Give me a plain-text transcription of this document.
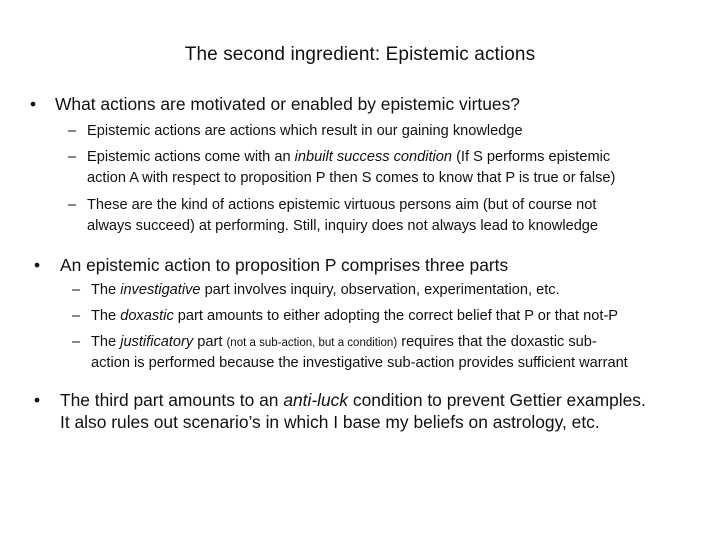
The second ingredient: Epistemic actions
• What actions are motivated or enabled by epistemic virtues?
– Epistemic actions are actions which result in our gaining knowledge
– Epistemic actions come with an inbuilt success condition (If S performs epistemic
action A with respect to proposition P then S comes to know that P is true or false)
– These are the kind of actions epistemic virtuous persons aim (but of course not
always succeed) at performing. Still, inquiry does not always lead to knowledge
• An epistemic action to proposition P comprises three parts
– The investigative part involves inquiry, observation, experimentation, etc.
– The doxastic part amounts to either adopting the correct belief that P or that not-P
– The justificatory part (not a sub-action, but a condition) requires that the doxastic sub-
action is performed because the investigative sub-action provides sufficient warrant
• The third part amounts to an anti-luck condition to prevent Gettier examples.
It also rules out scenario’s in which I base my beliefs on astrology, etc.
